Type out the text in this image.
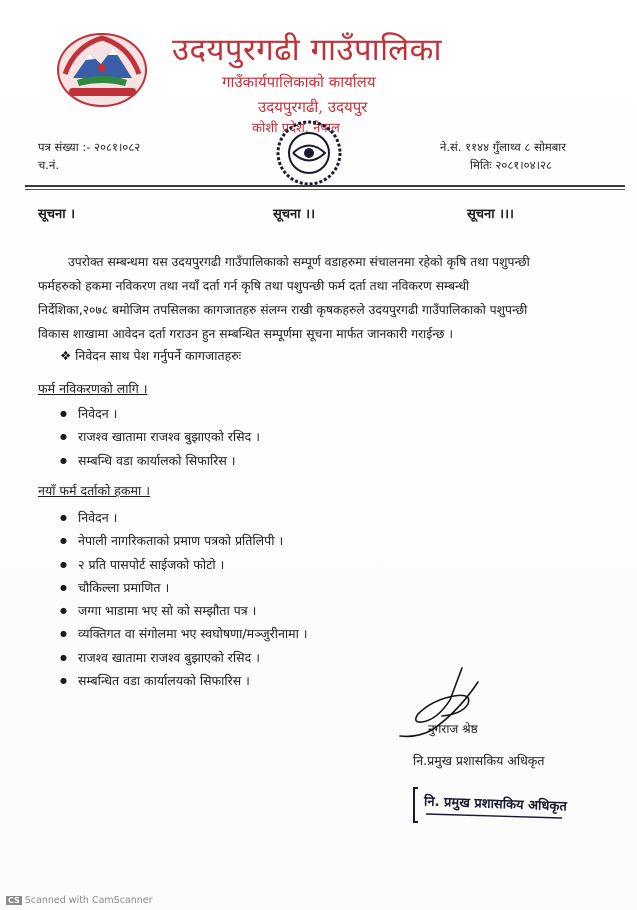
उदयपुरगढी गाउँपालिका
गाउँकार्यपालिकाको कार्यालय
उदयपुरगढी, उदयपुर
कोशी प्रदेश, नेपाल
पत्र संख्या :- २०८१।०८२
च.नं.
ने.सं. ११४४ गुँलाथ्व ८ सोमबार
मितिः २०८१।०४।२८
सूचना ।	सूचना ।।	सूचना ।।।
उपरोक्त सम्बन्धमा यस उदयपुरगढी गाउँपालिकाको सम्पूर्ण वडाहरुमा संचालनमा रहेको कृषि तथा पशुपन्छी
फर्महरुको हकमा नविकरण तथा नयाँ दर्ता गर्न कृषि तथा पशुपन्छी फर्म दर्ता तथा नविकरण सम्बन्धी
निर्देशिका,२०७८ बमोजिम तपसिलका कागजातहरु संलग्न राखी कृषकहरुले उदयपुरगढी गाउँपालिकाको पशुपन्छी
विकास शाखामा आवेदन दर्ता गराउन हुन सम्बन्धित सम्पूर्णमा सूचना मार्फत जानकारी गराईन्छ ।
❖ निवेदन साथ पेश गर्नुपर्ने कागजातहरुः
फर्म नविकरणको लागि ।
● निवेदन ।
● राजश्व खातामा राजश्व बुझाएको रसिद ।
● सम्बन्धि वडा कार्यालको सिफारिस ।
नयाँ फर्म दर्ताको हकमा ।
● निवेदन ।
● नेपाली नागरिकताको प्रमाण पत्रको प्रतिलिपी ।
● २ प्रति पासपोर्ट साईजको फोटो ।
● चौकिल्ला प्रमाणित ।
● जग्गा भाडामा भए सो को सम्झौता पत्र ।
● व्यक्तिगत वा संगोलमा भए स्वघोषणा/मञ्जुरीनामा ।
● राजश्व खातामा राजश्व बुझाएको रसिद ।
● सम्बन्धित वडा कार्यालयको सिफारिस ।
नुगराज श्रेष्ठ
नि.प्रमुख प्रशासकिय अधिकृत
नि. प्रमुख प्रशासकिय अधिकृत
CS Scanned with CamScanner
